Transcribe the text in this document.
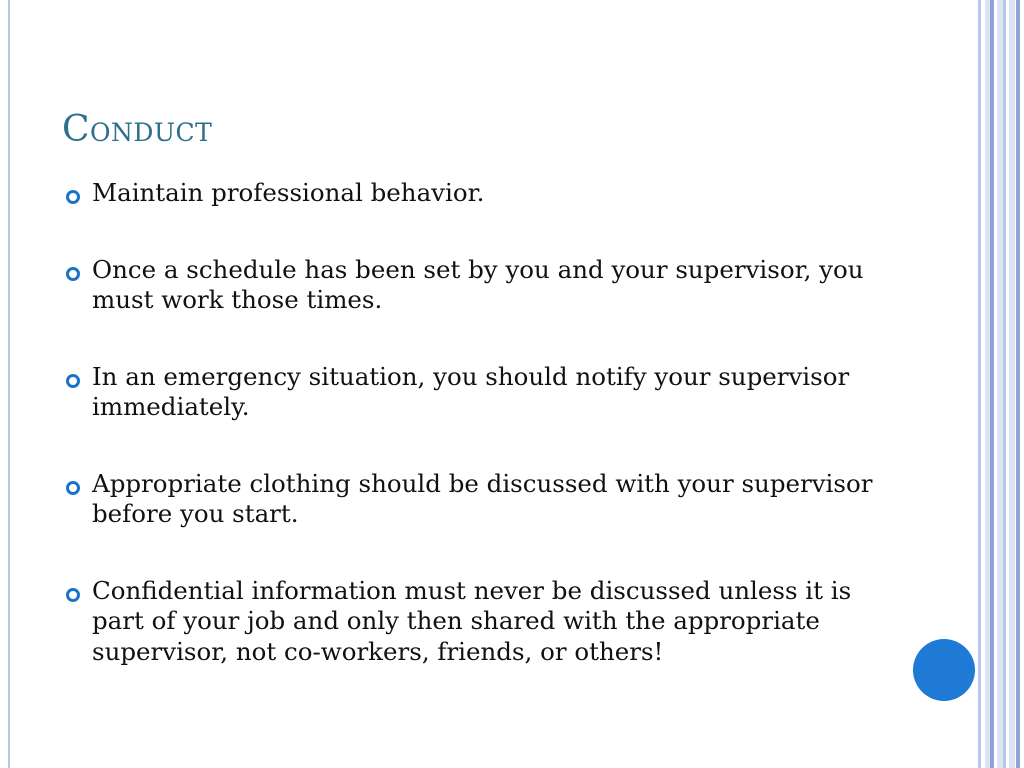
Conduct
Maintain professional behavior.
Once a schedule has been set by you and your supervisor, you must work those times.
In an emergency situation, you should notify your supervisor immediately.
Appropriate clothing should be discussed with your supervisor before you start.
Confidential information must never be discussed unless it is part of your job and only then shared with the appropriate supervisor, not co-workers, friends, or others!
